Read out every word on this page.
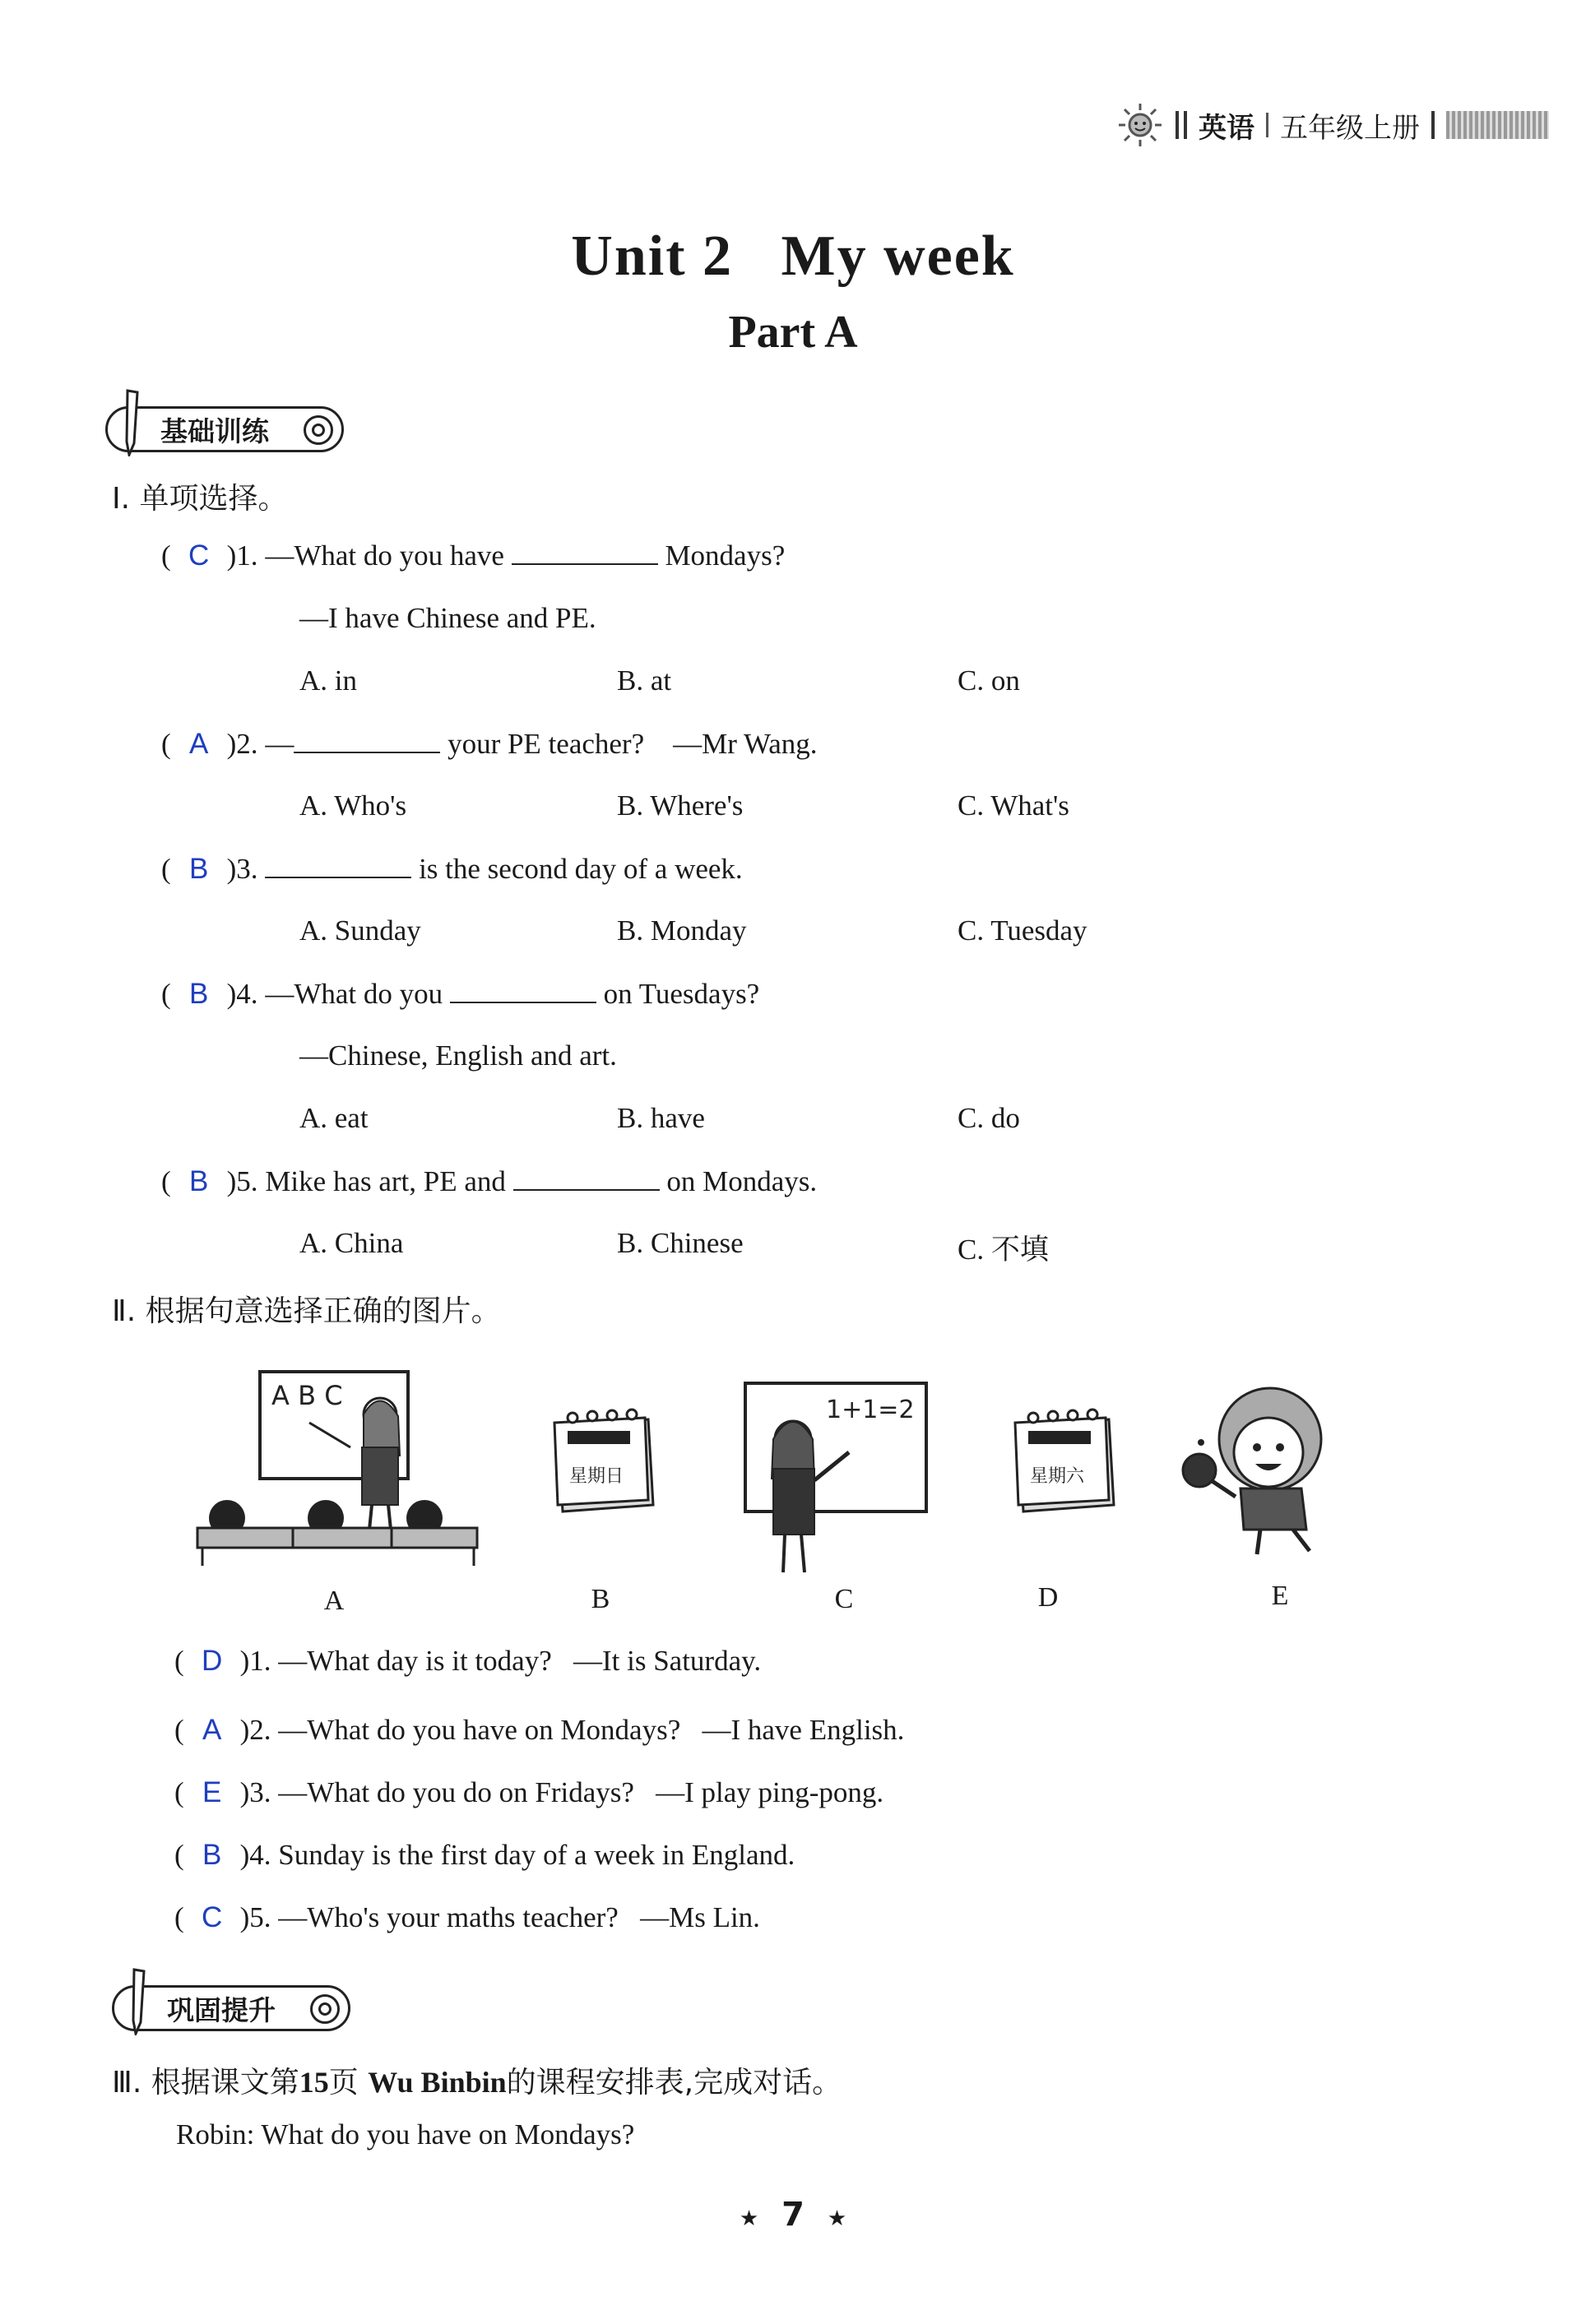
英语 五年级上册
Unit 2   My week
Part A
基础训练
Ⅰ. 单项选择。
( C )1. —What do you have	Mondays?
—I have Chinese and PE.
A. in	B. at	C. on
( A )2. —	your PE teacher?    —Mr Wang.
A. Who's	B. Where's	C. What's
( B )3.	is the second day of a week.
A. Sunday	B. Monday	C. Tuesday
( B )4. —What do you	on Tuesdays?
—Chinese, English and art.
A. eat	B. have	C. do
( B )5. Mike has art, PE and	on Mondays.
A. China	B. Chinese	C. 不填
Ⅱ. 根据句意选择正确的图片。
A B C
星期日
1+1=2
星期六
A	B	C	D	E
( D )1. —What day is it today?   —It is Saturday.
( A )2. —What do you have on Mondays?   —I have English.
( E )3. —What do you do on Fridays?   —I play ping-pong.
( B )4. Sunday is the first day of a week in England.
( C )5. —Who's your maths teacher?   —Ms Lin.
巩固提升
Ⅲ. 根据课文第15页 Wu Binbin的课程安排表,完成对话。
Robin: What do you have on Mondays?
★ 7 ★
